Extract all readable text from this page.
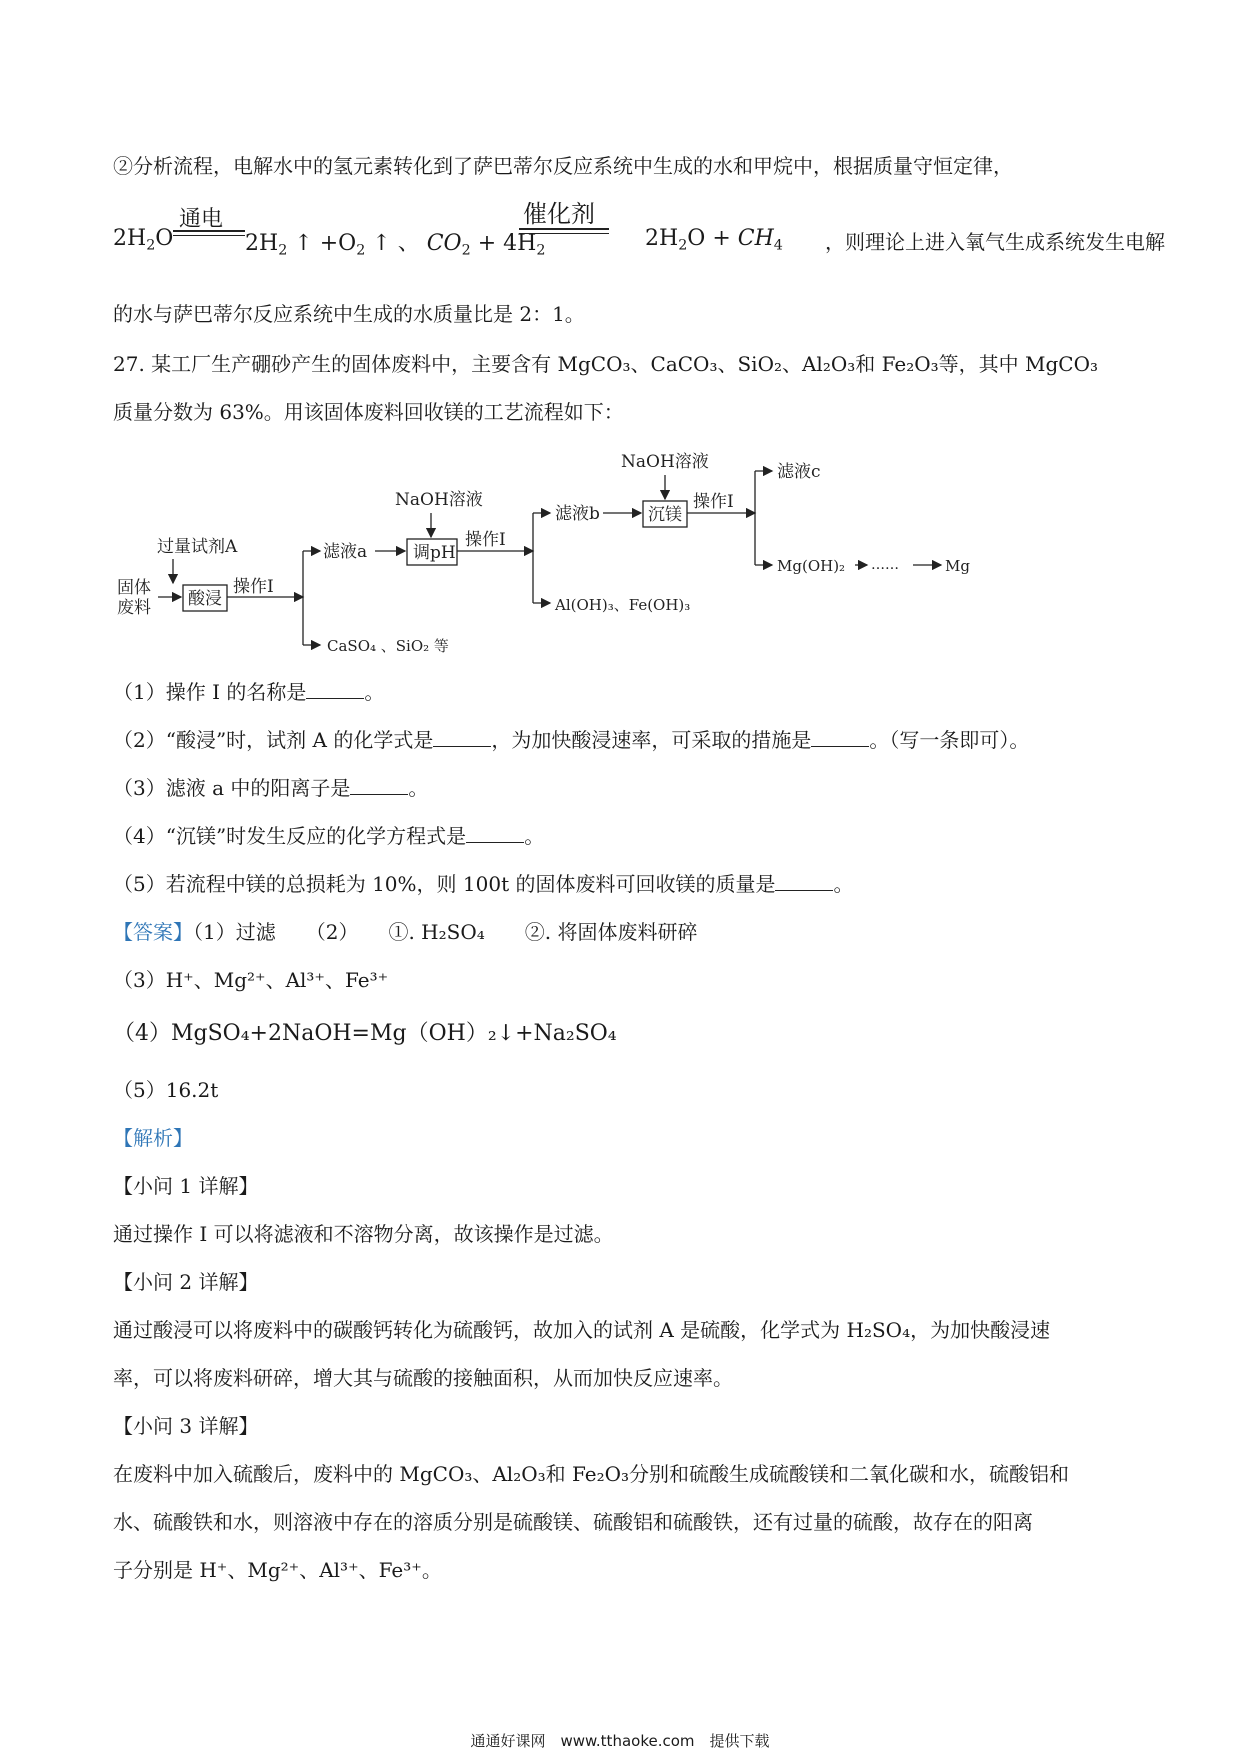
②分析流程，电解水中的氢元素转化到了萨巴蒂尔反应系统中生成的水和甲烷中，根据质量守恒定律，
$2H_2O$
通电
$2H_2$ ↑ $+O_2$ ↑ 、 $CO_2 + 4H_2$
催化剂
$2H_2O + CH_4$ ，则理论上进入氧气生成系统发生电解
的水与萨巴蒂尔反应系统中生成的水质量比是 2：1。
27. 某工厂生产硼砂产生的固体废料中，主要含有 MgCO₃、CaCO₃、SiO₂、Al₂O₃和 Fe₂O₃等，其中 MgCO₃
质量分数为 63%。用该固体废料回收镁的工艺流程如下：
固体
废料
过量试剂A
酸浸
操作I
滤液a
NaOH溶液
调pH
操作I
滤液b
NaOH溶液
沉镁
操作I
滤液c
CaSO₄ 、SiO₂ 等
Al(OH)₃、Fe(OH)₃
Mg(OH)₂ ……	Mg
（1）操作 I 的名称是	。
（2）“酸浸”时，试剂 A 的化学式是	，为加快酸浸速率，可采取的措施是	。（写一条即可）。
（3）滤液 a 中的阳离子是	。
（4）“沉镁”时发生反应的化学方程式是	。
（5）若流程中镁的总损耗为 10%，则 100t 的固体废料可回收镁的质量是	。
【答案】（1）过滤　　（2）　　①. H₂SO₄　　②. 将固体废料研碎
（3）H⁺、Mg²⁺、Al³⁺、Fe³⁺
（4）MgSO₄+2NaOH=Mg（OH）₂↓+Na₂SO₄
（5）16.2t
【解析】
【小问 1 详解】
通过操作 I 可以将滤液和不溶物分离，故该操作是过滤。
【小问 2 详解】
通过酸浸可以将废料中的碳酸钙转化为硫酸钙，故加入的试剂 A 是硫酸，化学式为 H₂SO₄，为加快酸浸速
率，可以将废料研碎，增大其与硫酸的接触面积，从而加快反应速率。
【小问 3 详解】
在废料中加入硫酸后，废料中的 MgCO₃、Al₂O₃和 Fe₂O₃分别和硫酸生成硫酸镁和二氧化碳和水，硫酸铝和
水、硫酸铁和水，则溶液中存在的溶质分别是硫酸镁、硫酸铝和硫酸铁，还有过量的硫酸，故存在的阳离
子分别是 H⁺、Mg²⁺、Al³⁺、Fe³⁺。
通通好课网　www.tthaoke.com　提供下载
